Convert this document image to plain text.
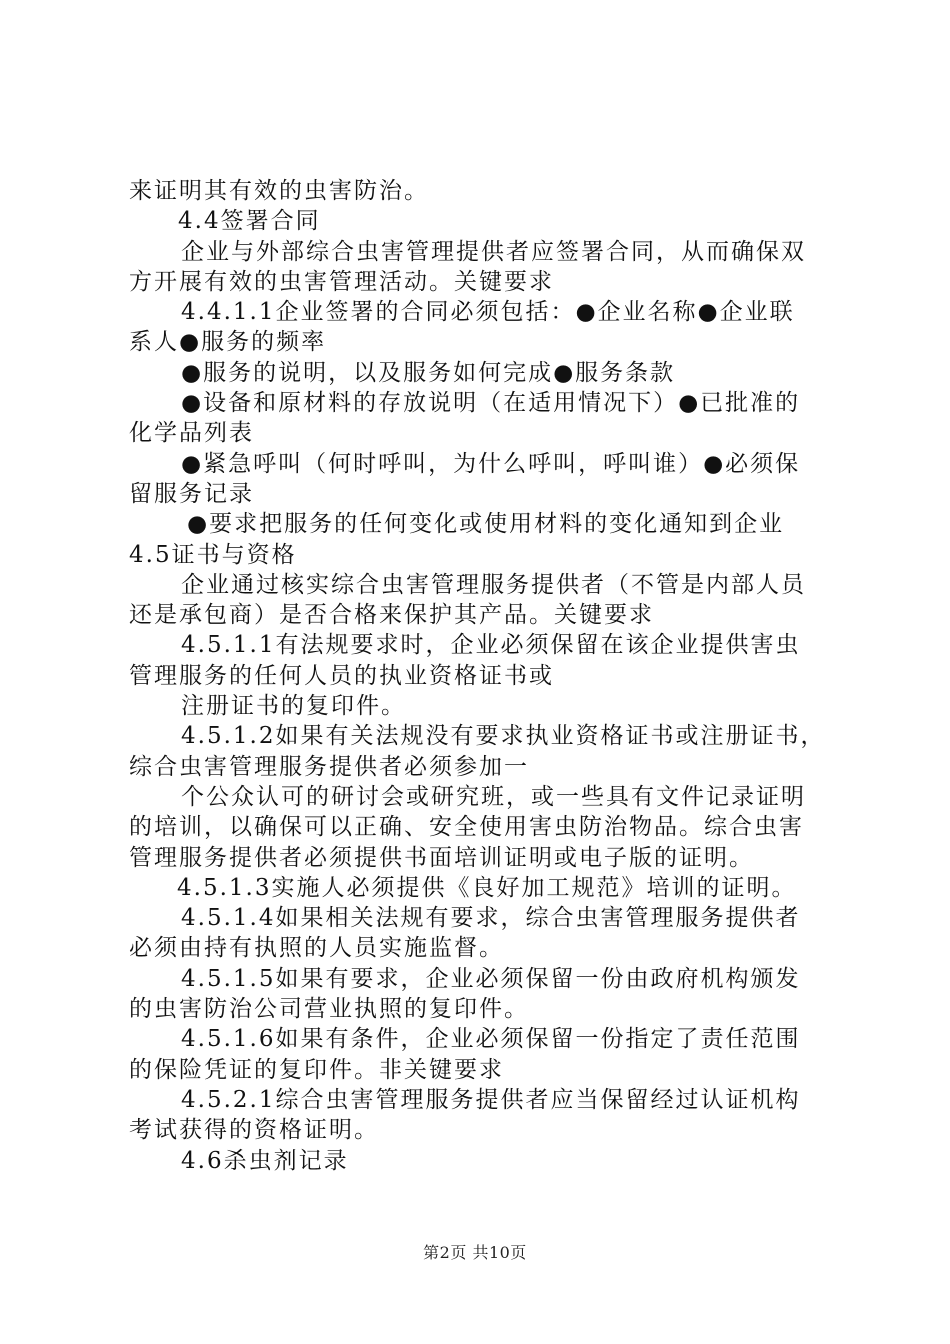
来证明其有效的虫害防治。
4.4签署合同
企业与外部综合虫害管理提供者应签署合同，从而确保双
方开展有效的虫害管理活动。关键要求
4.4.1.1企业签署的合同必须包括：●企业名称●企业联
系人●服务的频率
●服务的说明，以及服务如何完成●服务条款
●设备和原材料的存放说明（在适用情况下）●已批准的
化学品列表
●紧急呼叫（何时呼叫，为什么呼叫，呼叫谁）●必须保
留服务记录
●要求把服务的任何变化或使用材料的变化通知到企业
4.5证书与资格
企业通过核实综合虫害管理服务提供者（不管是内部人员
还是承包商）是否合格来保护其产品。关键要求
4.5.1.1有法规要求时，企业必须保留在该企业提供害虫
管理服务的任何人员的执业资格证书或
注册证书的复印件。
4.5.1.2如果有关法规没有要求执业资格证书或注册证书，
综合虫害管理服务提供者必须参加一
个公众认可的研讨会或研究班，或一些具有文件记录证明
的培训，以确保可以正确、安全使用害虫防治物品。综合虫害
管理服务提供者必须提供书面培训证明或电子版的证明。
4.5.1.3实施人必须提供《良好加工规范》培训的证明。
4.5.1.4如果相关法规有要求，综合虫害管理服务提供者
必须由持有执照的人员实施监督。
4.5.1.5如果有要求，企业必须保留一份由政府机构颁发
的虫害防治公司营业执照的复印件。
4.5.1.6如果有条件，企业必须保留一份指定了责任范围
的保险凭证的复印件。非关键要求
4.5.2.1综合虫害管理服务提供者应当保留经过认证机构
考试获得的资格证明。
4.6杀虫剂记录
第2页 共10页
